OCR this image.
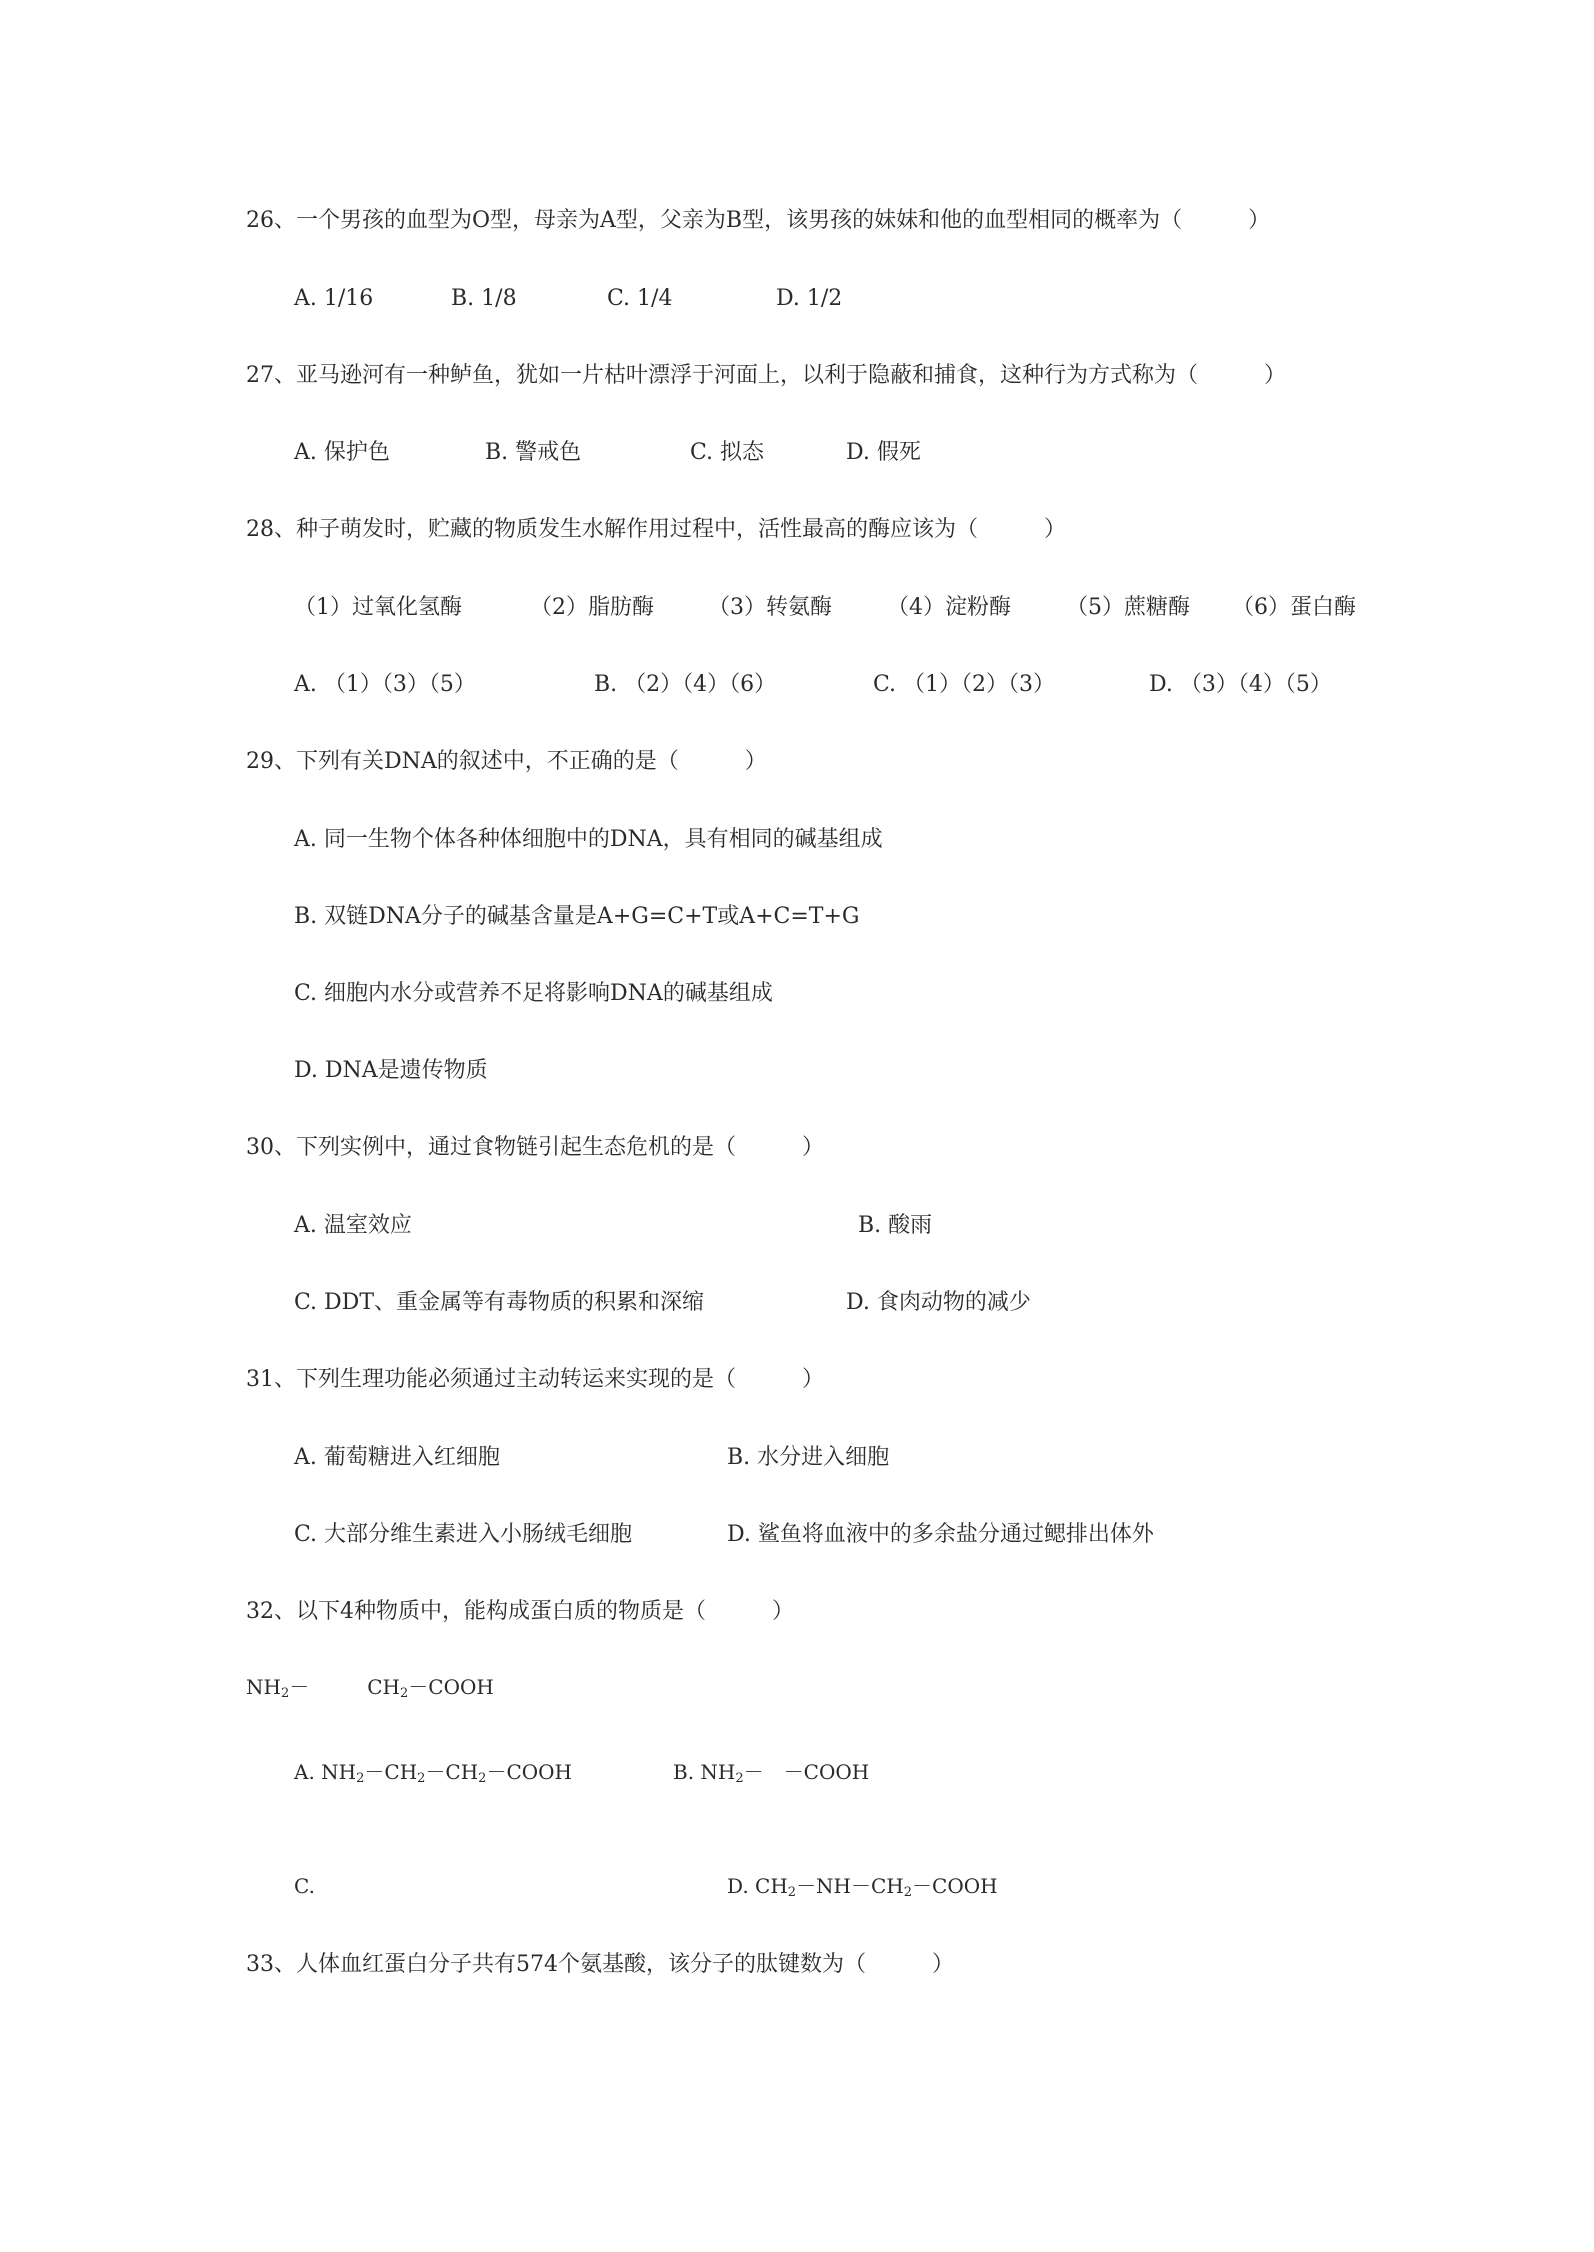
26、一个男孩的血型为O型，母亲为A型，父亲为B型，该男孩的妹妹和他的血型相同的概率为（　　　）
A. 1/16	B. 1/8	C. 1/4	D. 1/2
27、亚马逊河有一种鲈鱼，犹如一片枯叶漂浮于河面上，以利于隐蔽和捕食，这种行为方式称为（　　　）
A. 保护色	B. 警戒色	C. 拟态	D. 假死
28、种子萌发时，贮藏的物质发生水解作用过程中，活性最高的酶应该为（　　　）
（1）过氧化氢酶	（2）脂肪酶 （3）转氨酶	（4）淀粉酶	（5）蔗糖酶 （6）蛋白酶
A. （1）（3）（5）	B. （2）（4）（6）	C. （1）（2）（3）	D. （3）（4）（5）
29、下列有关DNA的叙述中，不正确的是（　　　）
A. 同一生物个体各种体细胞中的DNA，具有相同的碱基组成
B. 双链DNA分子的碱基含量是A+G=C+T或A+C=T+G
C. 细胞内水分或营养不足将影响DNA的碱基组成
D. DNA是遗传物质
30、下列实例中，通过食物链引起生态危机的是（　　　）
A. 温室效应	B. 酸雨
C. DDT、重金属等有毒物质的积累和深缩	D. 食肉动物的减少
31、下列生理功能必须通过主动转运来实现的是（　　　）
A. 葡萄糖进入红细胞	B. 水分进入细胞
C. 大部分维生素进入小肠绒毛细胞	D. 鲨鱼将血液中的多余盐分通过鳃排出体外
32、以下4种物质中，能构成蛋白质的物质是（　　　）
$NH_2-$	$CH_2-COOH$
A. $NH_2-CH_2-CH_2-COOH$	B. $NH_2-$　－COOH
C.	D. $CH_2-NH-CH_2-COOH$
33、人体血红蛋白分子共有574个氨基酸，该分子的肽键数为（　　　）
